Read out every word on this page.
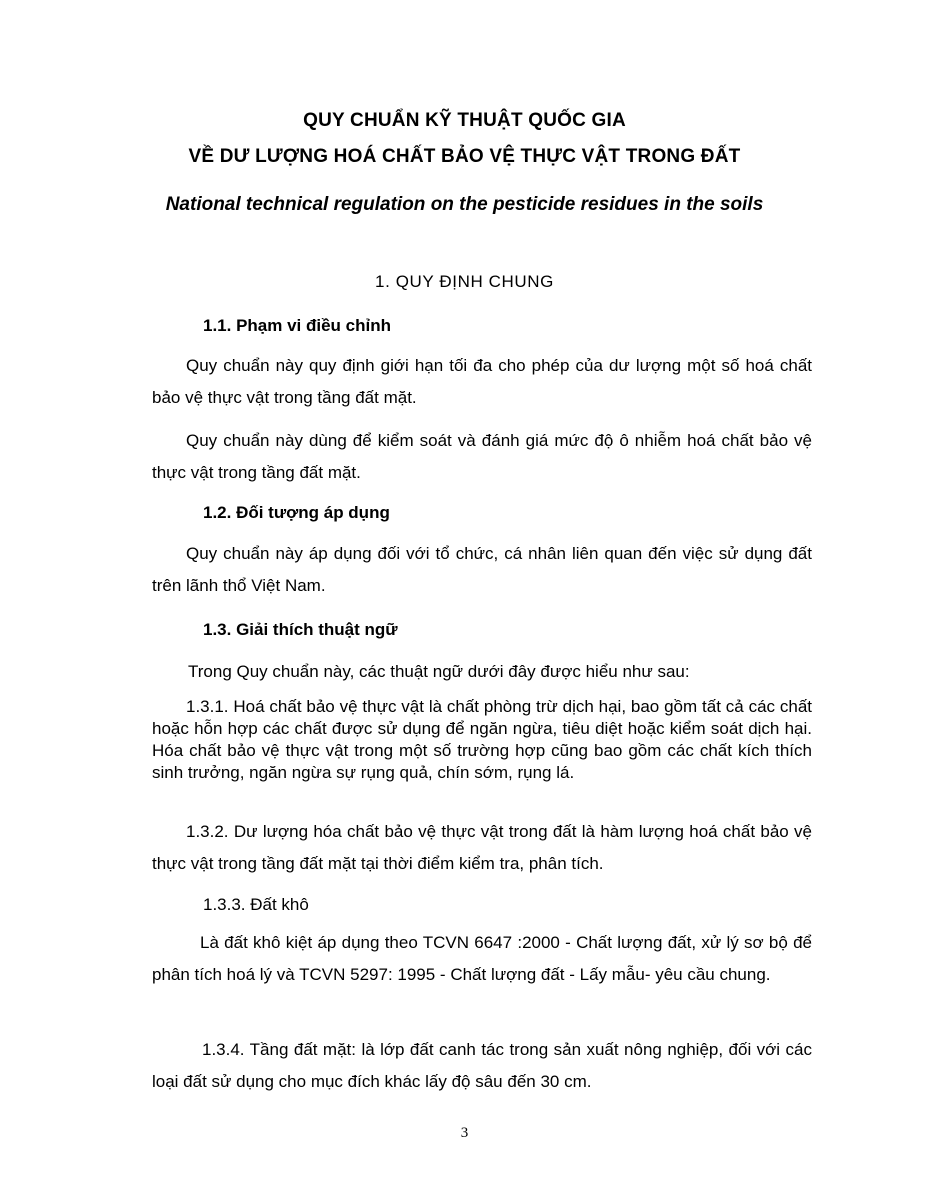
QUY CHUẨN KỸ THUẬT QUỐC GIA
VỀ DƯ LƯỢNG HOÁ CHẤT BẢO VỆ THỰC VẬT TRONG ĐẤT
National technical regulation on the pesticide residues in the soils
1. QUY ĐỊNH CHUNG
1.1. Phạm vi điều chỉnh
Quy chuẩn này quy định giới hạn tối đa cho phép của dư lượng một số hoá chất bảo vệ thực vật trong tầng đất mặt.
Quy chuẩn này dùng để kiểm soát và đánh giá mức độ ô nhiễm hoá chất bảo vệ thực vật trong tầng đất mặt.
1.2. Đối tượng áp dụng
Quy chuẩn này áp dụng đối với tổ chức, cá nhân liên quan đến việc sử dụng đất trên lãnh thổ Việt Nam.
1.3. Giải thích thuật ngữ
Trong Quy chuẩn này, các thuật ngữ dưới đây được hiểu như sau:
1.3.1. Hoá chất bảo vệ thực vật là chất phòng trừ dịch hại, bao gồm tất cả các chất hoặc hỗn hợp các chất được sử dụng để ngăn ngừa, tiêu diệt hoặc kiểm soát dịch hại. Hóa chất bảo vệ thực vật trong một số trường hợp cũng bao gồm các chất kích thích sinh trưởng, ngăn ngừa sự rụng quả, chín sớm, rụng lá.
1.3.2. Dư lượng hóa chất bảo vệ thực vật trong đất là hàm lượng hoá chất bảo vệ thực vật trong tầng đất mặt tại thời điểm kiểm tra, phân tích.
1.3.3. Đất khô
Là đất khô kiệt áp dụng theo TCVN 6647 :2000 - Chất lượng đất, xử lý sơ bộ để phân tích hoá lý và TCVN 5297: 1995 - Chất lượng đất - Lấy mẫu- yêu cầu chung.
1.3.4. Tầng đất mặt: là lớp đất canh tác trong sản xuất nông nghiệp, đối với các loại đất sử dụng cho mục đích khác lấy độ sâu đến 30 cm.
3
